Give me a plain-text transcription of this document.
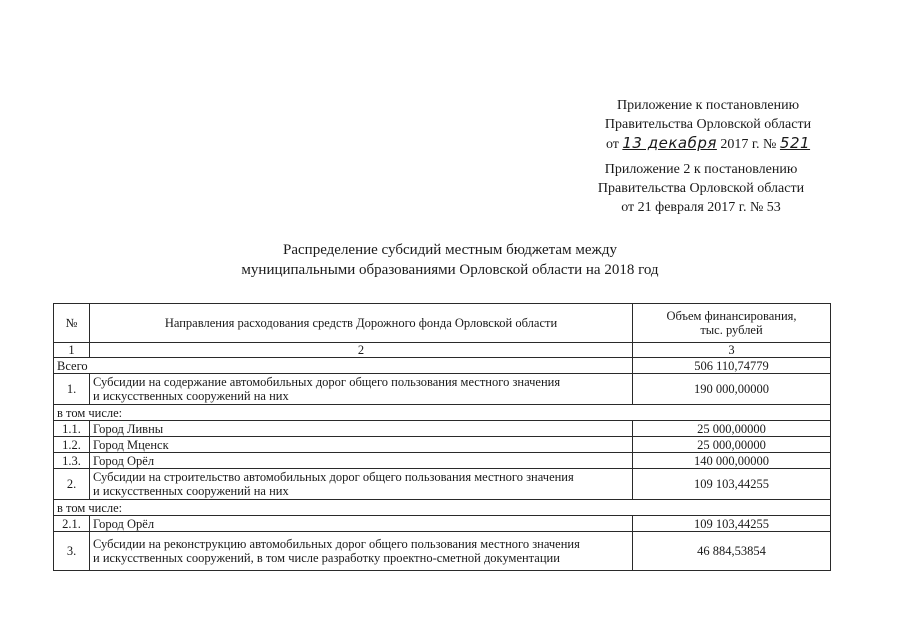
Приложение к постановлению
Правительства Орловской области
от 13 декабря 2017 г. № 521
Приложение 2 к постановлению
Правительства Орловской области
от 21 февраля 2017 г. № 53
Распределение субсидий местным бюджетам между
муниципальными образованиями Орловской области на 2018 год
№	Направления расходования средств Дорожного фонда Орловской области	Объем финансирования,
тыс. рублей

1	2	3
Всего		506 110,74779
1.	Субсидии на содержание автомобильных дорог общего пользования местного значения
и искусственных сооружений на них	190 000,00000
в том числе:		
1.1.	Город Ливны	25 000,00000
1.2.	Город Мценск	25 000,00000
1.3.	Город Орёл	140 000,00000
2.	Субсидии на строительство автомобильных дорог общего пользования местного значения
и искусственных сооружений на них	109 103,44255
в том числе:		
2.1.	Город Орёл	109 103,44255
3.	Субсидии на реконструкцию автомобильных дорог общего пользования местного значения
и искусственных сооружений, в том числе разработку проектно-сметной документации	46 884,53854
